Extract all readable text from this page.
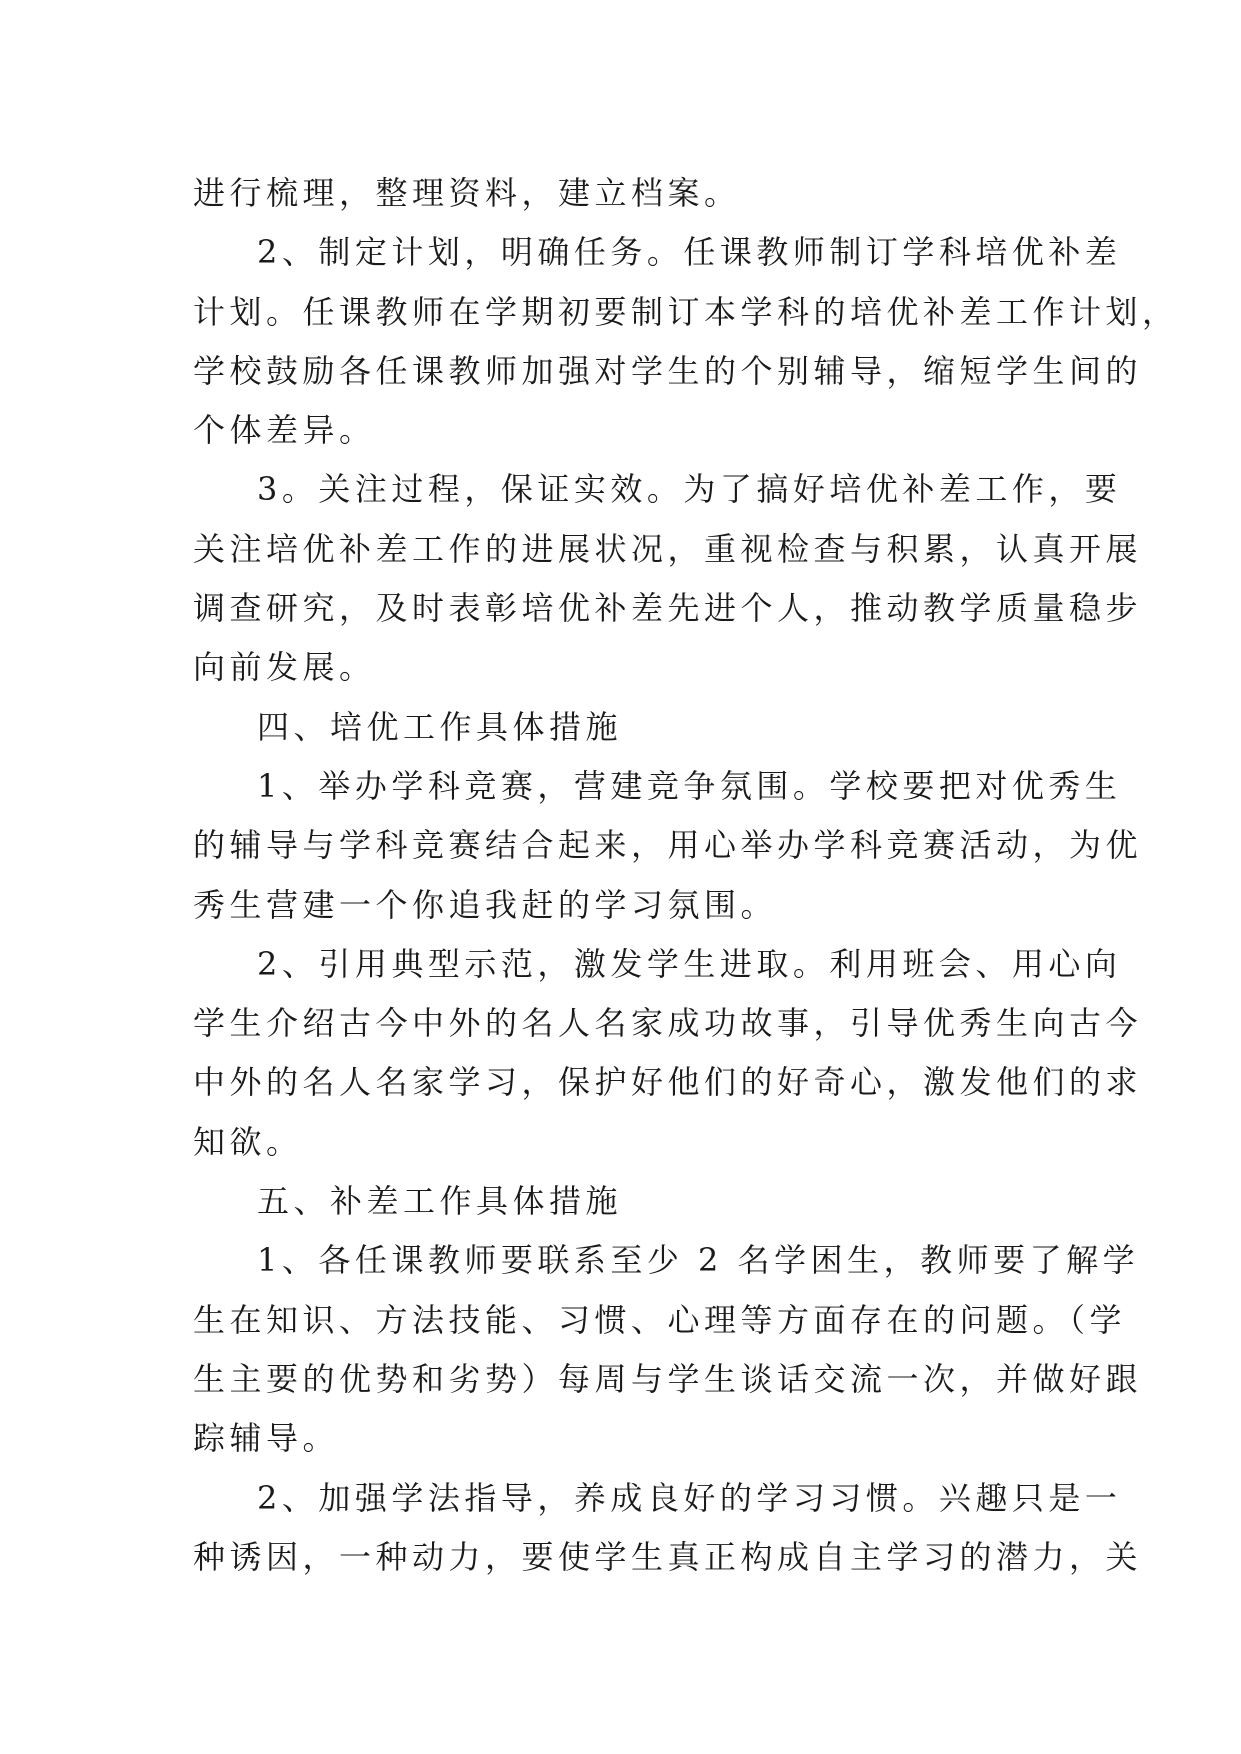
进行梳理，整理资料，建立档案。
2、制定计划，明确任务。任课教师制订学科培优补差
计划。任课教师在学期初要制订本学科的培优补差工作计划，
学校鼓励各任课教师加强对学生的个别辅导，缩短学生间的
个体差异。
3。关注过程，保证实效。为了搞好培优补差工作，要
关注培优补差工作的进展状况，重视检查与积累，认真开展
调查研究，及时表彰培优补差先进个人，推动教学质量稳步
向前发展。
四、培优工作具体措施
1、举办学科竞赛，营建竞争氛围。学校要把对优秀生
的辅导与学科竞赛结合起来，用心举办学科竞赛活动，为优
秀生营建一个你追我赶的学习氛围。
2、引用典型示范，激发学生进取。利用班会、用心向
学生介绍古今中外的名人名家成功故事，引导优秀生向古今
中外的名人名家学习，保护好他们的好奇心，激发他们的求
知欲。
五、补差工作具体措施
1、各任课教师要联系至少 2 名学困生，教师要了解学
生在知识、方法技能、习惯、心理等方面存在的问题。（学
生主要的优势和劣势）每周与学生谈话交流一次，并做好跟
踪辅导。
2、加强学法指导，养成良好的学习习惯。兴趣只是一
种诱因，一种动力，要使学生真正构成自主学习的潜力，关
